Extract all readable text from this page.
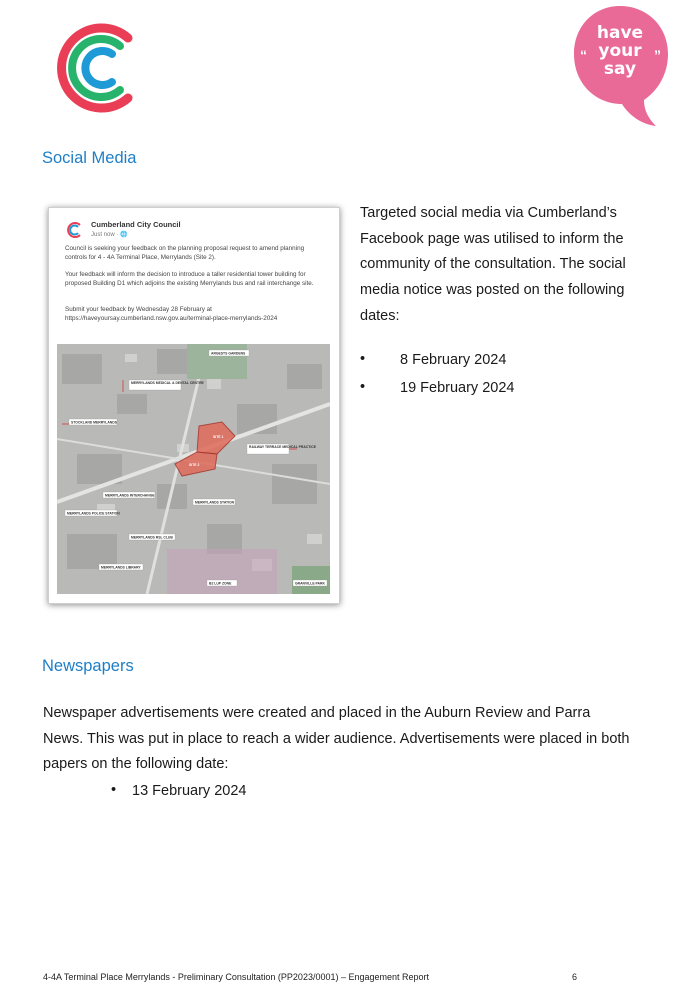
“	”
have
your
say
Social Media
Cumberland City Council
Just now · 🌐

Council is seeking your feedback on the planning proposal request to amend planning controls for 4 - 4A Terminal Place, Merrylands (Site 2).

Your feedback will inform the decision to introduce a taller residential tower building for proposed Building D1 which adjoins the existing Merrylands bus and rail interchange site.

Submit your feedback by Wednesday 28 February at https://haveyoursay.cumberland.nsw.gov.au/terminal-place-merrylands-2024

ARGESTS GARDENS
MERRYLANDS MEDICAL & DENTAL CENTRE
STOCKLAND MERRYLANDS
RAILWAY TERRACE MEDICAL PRACTICE
SITE 1
SITE 2
MERRYLANDS INTERCHANGE
MERRYLANDS STATION
MERRYLANDS POLICE STATION
MERRYLANDS RSL CLUB
MERRYLANDS LIBRARY
B2 LUP ZONE	GRANVILLE PARK
Targeted social media via Cumberland’s Facebook page was utilised to inform the community of the consultation. The social media notice was posted on the following dates:
• 8 February 2024
• 19 February 2024
Newspapers
Newspaper advertisements were created and placed in the Auburn Review and Parra News. This was put in place to reach a wider audience. Advertisements were placed in both papers on the following date:
• 13 February 2024
4-4A Terminal Place Merrylands - Preliminary Consultation (PP2023/0001) – Engagement Report	6
